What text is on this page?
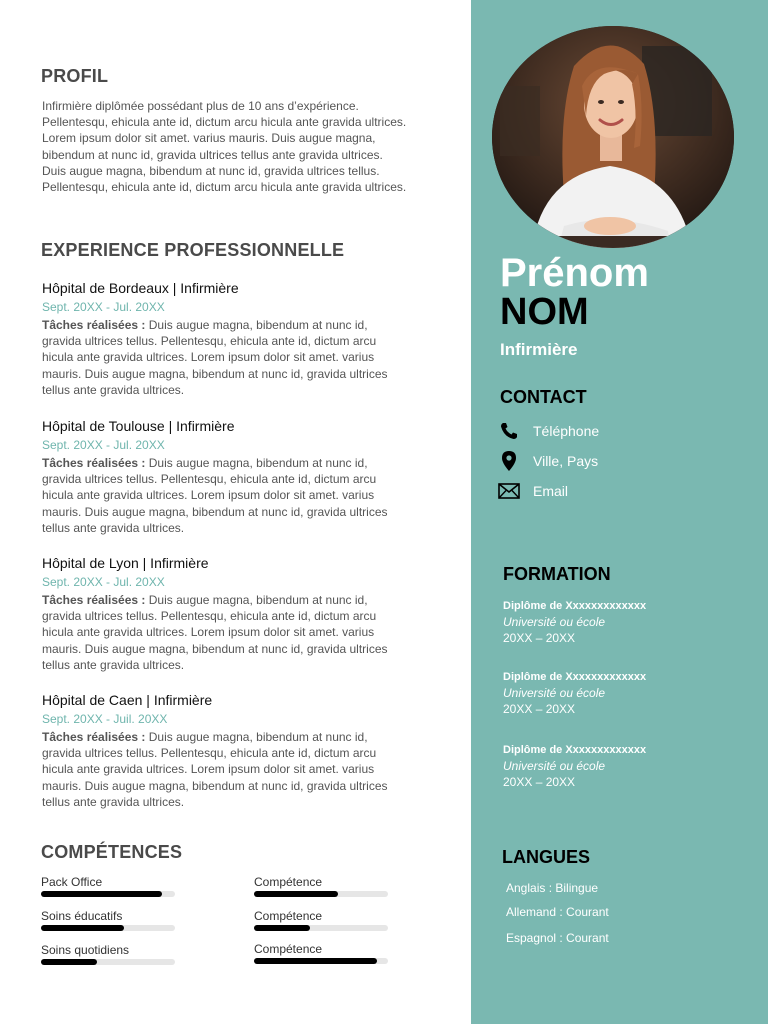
PROFIL
Infirmière diplômée possédant plus de 10 ans d’expérience.
Pellentesqu, ehicula ante id, dictum arcu hicula ante gravida ultrices.
Lorem ipsum dolor sit amet. varius mauris. Duis augue magna,
bibendum at nunc id, gravida ultrices tellus ante gravida ultrices.
Duis augue magna, bibendum at nunc id, gravida ultrices tellus.
Pellentesqu, ehicula ante id, dictum arcu hicula ante gravida ultrices.
EXPERIENCE PROFESSIONNELLE
Hôpital de Bordeaux | Infirmière
Sept. 20XX - Jul. 20XX
Tâches réalisées : Duis augue magna, bibendum at nunc id,
gravida ultrices tellus. Pellentesqu, ehicula ante id, dictum arcu
hicula ante gravida ultrices. Lorem ipsum dolor sit amet. varius
mauris. Duis augue magna, bibendum at nunc id, gravida ultrices
tellus ante gravida ultrices.
Hôpital de Toulouse | Infirmière
Sept. 20XX - Jul. 20XX
Tâches réalisées : Duis augue magna, bibendum at nunc id,
gravida ultrices tellus. Pellentesqu, ehicula ante id, dictum arcu
hicula ante gravida ultrices. Lorem ipsum dolor sit amet. varius
mauris. Duis augue magna, bibendum at nunc id, gravida ultrices
tellus ante gravida ultrices.
Hôpital de Lyon | Infirmière
Sept. 20XX - Jul. 20XX
Tâches réalisées : Duis augue magna, bibendum at nunc id,
gravida ultrices tellus. Pellentesqu, ehicula ante id, dictum arcu
hicula ante gravida ultrices. Lorem ipsum dolor sit amet. varius
mauris. Duis augue magna, bibendum at nunc id, gravida ultrices
tellus ante gravida ultrices.
Hôpital de Caen | Infirmière
Sept. 20XX - Juil. 20XX
Tâches réalisées : Duis augue magna, bibendum at nunc id,
gravida ultrices tellus. Pellentesqu, ehicula ante id, dictum arcu
hicula ante gravida ultrices. Lorem ipsum dolor sit amet. varius
mauris. Duis augue magna, bibendum at nunc id, gravida ultrices
tellus ante gravida ultrices.
COMPÉTENCES
Pack Office
Soins éducatifs
Soins quotidiens
Compétence
Compétence
Compétence
Prénom
NOM
Infirmière
CONTACT
Téléphone
Ville, Pays
Email
FORMATION
Diplôme de Xxxxxxxxxxxxx
Université ou école
20XX – 20XX
Diplôme de Xxxxxxxxxxxxx
Université ou école
20XX – 20XX
Diplôme de Xxxxxxxxxxxxx
Université ou école
20XX – 20XX
LANGUES
Anglais : Bilingue
Allemand : Courant
Espagnol : Courant
